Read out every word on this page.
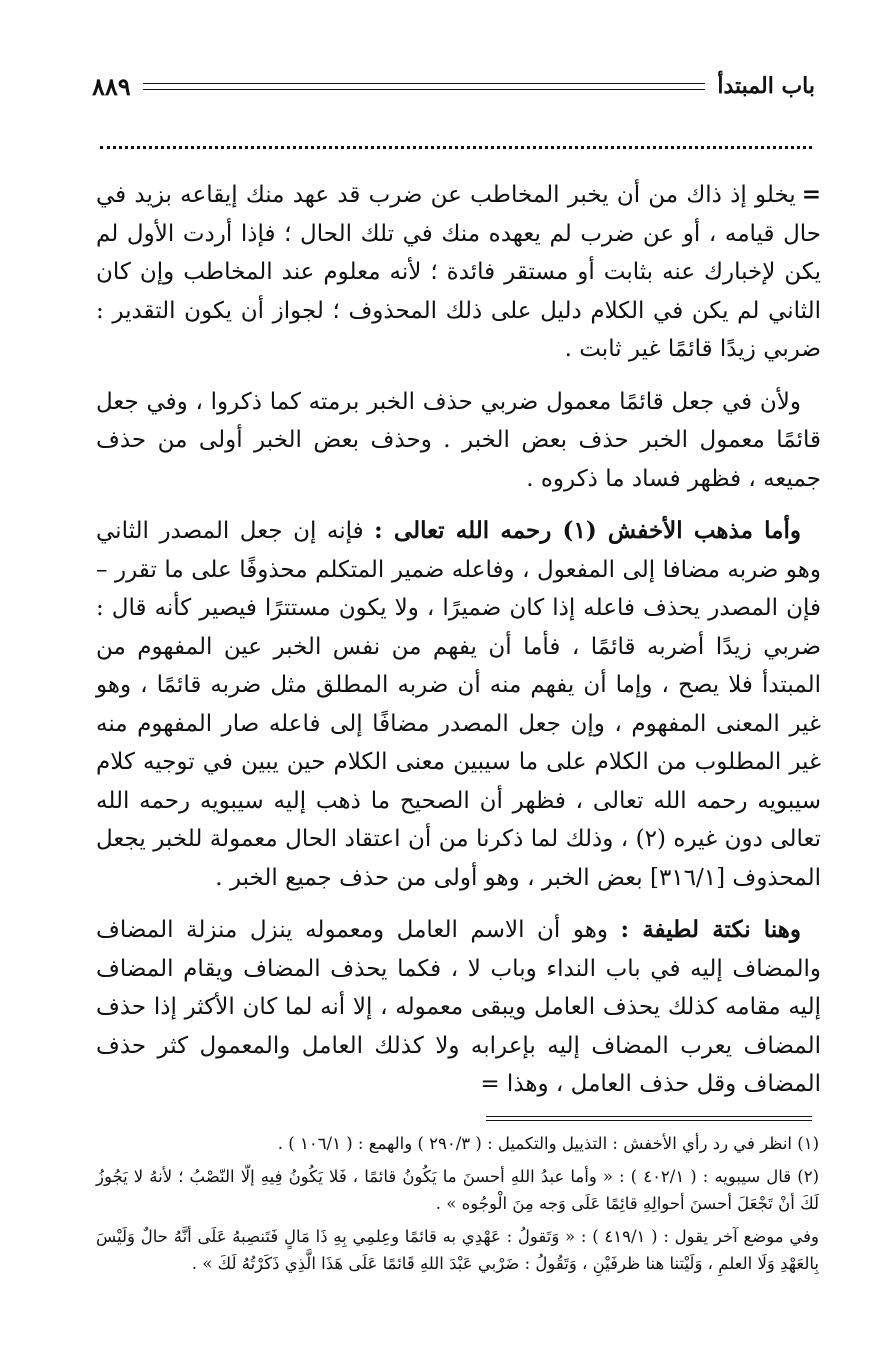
باب المبتدأ
٨٨٩

=يخلو إذ ذاك من أن يخبر المخاطب عن ضرب قد عهد منك إيقاعه بزيد في حال قيامه ، أو عن ضرب لم يعهده منك في تلك الحال ؛ فإذا أردت الأول لم يكن لإخبارك عنه بثابت أو مستقر فائدة ؛ لأنه معلوم عند المخاطب وإن كان الثاني لم يكن في الكلام دليل على ذلك المحذوف ؛ لجواز أن يكون التقدير : ضربي زيدًا قائمًا غير ثابت .

ولأن في جعل قائمًا معمول ضربي حذف الخبر برمته كما ذكروا ، وفي جعل قائمًا معمول الخبر حذف بعض الخبر . وحذف بعض الخبر أولى من حذف جميعه ، فظهر فساد ما ذكروه .

وأما مذهب الأخفش (١) رحمه الله تعالى : فإنه إن جعل المصدر الثاني وهو ضربه مضافا إلى المفعول ، وفاعله ضمير المتكلم محذوفًا على ما تقرر – فإن المصدر يحذف فاعله إذا كان ضميرًا ، ولا يكون مستترًا فيصير كأنه قال : ضربي زيدًا أضربه قائمًا ، فأما أن يفهم من نفس الخبر عين المفهوم من المبتدأ فلا يصح ، وإما أن يفهم منه أن ضربه المطلق مثل ضربه قائمًا ، وهو غير المعنى المفهوم ، وإن جعل المصدر مضافًا إلى فاعله صار المفهوم منه غير المطلوب من الكلام على ما سيبين معنى الكلام حين يبين في توجيه كلام سيبويه رحمه الله تعالى ، فظهر أن الصحيح ما ذهب إليه سيبويه رحمه الله تعالى دون غيره (٢) ، وذلك لما ذكرنا من أن اعتقاد الحال معمولة للخبر يجعل المحذوف [٣١٦/١] بعض الخبر ، وهو أولى من حذف جميع الخبر .

وهنا نكتة لطيفة : وهو أن الاسم العامل ومعموله ينزل منزلة المضاف والمضاف إليه في باب النداء وباب لا ، فكما يحذف المضاف ويقام المضاف إليه مقامه كذلك يحذف العامل ويبقى معموله ، إلا أنه لما كان الأكثر إذا حذف المضاف يعرب المضاف إليه بإعرابه ولا كذلك العامل والمعمول كثر حذف المضاف وقل حذف العامل ، وهذا =

(١) انظر في رد رأي الأخفش : التذييل والتكميل : ( ٢٩٠/٣ ) والهمع : ( ١٠٦/١ ) .

(٢) قال سيبويه : ( ٤٠٢/١ ) : « وأما عبدُ اللهِ أحسنَ ما يَكُونُ قائمًا ، فَلا يَكُونُ فِيهِ إلّا النّصْبُ ؛ لأنهُ لا يَجُوزُ لَكَ أنْ تَجْعَلَ أحسنَ أحوالِهِ قائِمًا عَلَى وَجه مِنَ الْوجُوه » .

وفي موضع آخر يقول : ( ٤١٩/١ ) : « وَتَقولُ : عَهْدِي به قائمًا وعِلمِي بِهِ ذَا مَالٍ فَتَنصِبهُ عَلَى أنَّهُ حالٌ وَلَيْسَ بِالعَهْدِ وَلَا العلمِ ، وَلَيْتنا هنا ظرفَيْنِ ، وَتَقُولُ : ضَرْبي عَبْدَ اللهِ قَائمًا عَلَى هَذَا الَّذِي ذَكَرْتُهُ لَكَ » .
